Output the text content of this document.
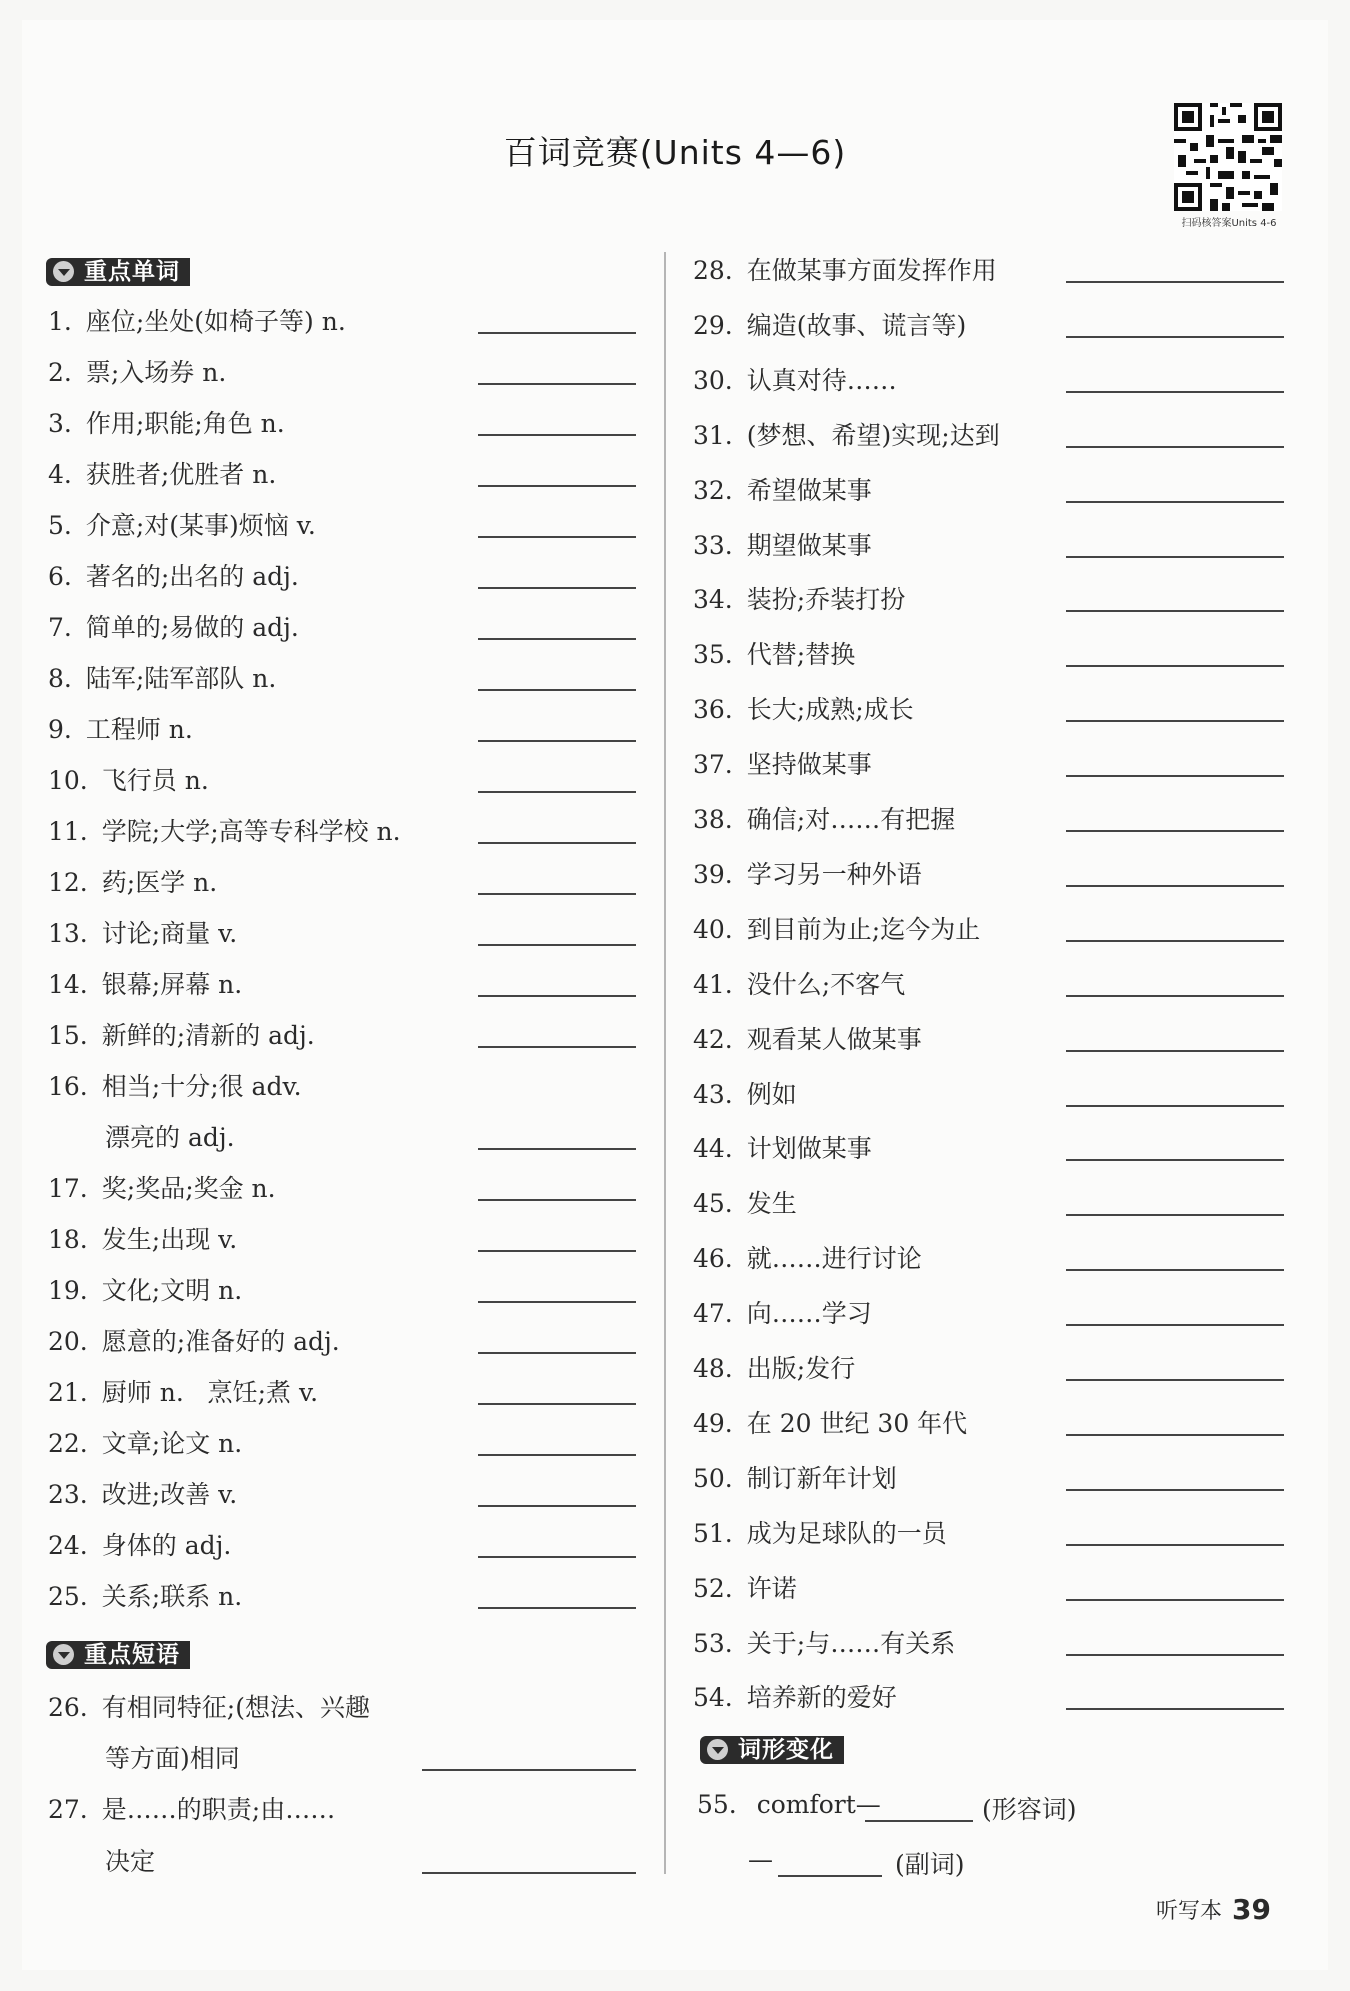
百词竞赛(Units 4—6)
扫码核答案Units 4-6
重点单词
重点短语
词形变化
1. 座位;坐处(如椅子等) n.
2. 票;入场券 n.
3. 作用;职能;角色 n.
4. 获胜者;优胜者 n.
5. 介意;对(某事)烦恼 v.
6. 著名的;出名的 adj.
7. 简单的;易做的 adj.
8. 陆军;陆军部队 n.
9. 工程师 n.
10. 飞行员 n.
11. 学院;大学;高等专科学校 n.
12. 药;医学 n.
13. 讨论;商量 v.
14. 银幕;屏幕 n.
15. 新鲜的;清新的 adj.
16. 相当;十分;很 adv.
漂亮的 adj.
17. 奖;奖品;奖金 n.
18. 发生;出现 v.
19. 文化;文明 n.
20. 愿意的;准备好的 adj.
21. 厨师 n.   烹饪;煮 v.
22. 文章;论文 n.
23. 改进;改善 v.
24. 身体的 adj.
25. 关系;联系 n.
26. 有相同特征;(想法、兴趣
等方面)相同
27. 是……的职责;由……
决定
28. 在做某事方面发挥作用
29. 编造(故事、谎言等)
30. 认真对待……
31. (梦想、希望)实现;达到
32. 希望做某事
33. 期望做某事
34. 装扮;乔装打扮
35. 代替;替换
36. 长大;成熟;成长
37. 坚持做某事
38. 确信;对……有把握
39. 学习另一种外语
40. 到目前为止;迄今为止
41. 没什么;不客气
42. 观看某人做某事
43. 例如
44. 计划做某事
45. 发生
46. 就……进行讨论
47. 向……学习
48. 出版;发行
49. 在 20 世纪 30 年代
50. 制订新年计划
51. 成为足球队的一员
52. 许诺
53. 关于;与……有关系
54. 培养新的爱好
55. comfort—	(形容词)
—	(副词)
听写本 39
